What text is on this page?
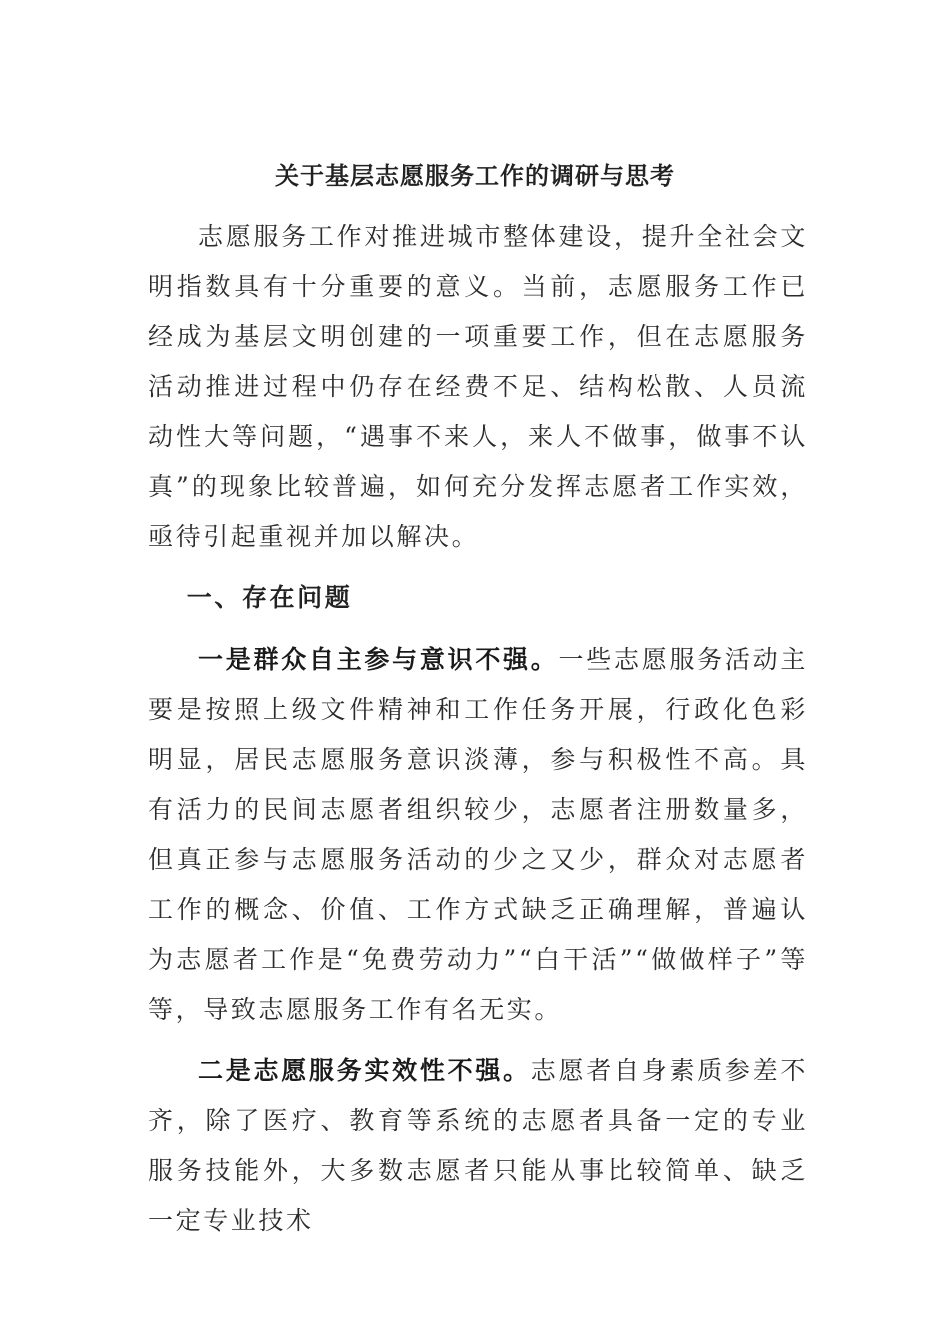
关于基层志愿服务工作的调研与思考

志愿服务工作对推进城市整体建设，提升全社会文明指数具有十分重要的意义。当前，志愿服务工作已经成为基层文明创建的一项重要工作，但在志愿服务活动推进过程中仍存在经费不足、结构松散、人员流动性大等问题，“遇事不来人，来人不做事，做事不认真”的现象比较普遍，如何充分发挥志愿者工作实效，亟待引起重视并加以解决。

一、存在问题

一是群众自主参与意识不强。一些志愿服务活动主要是按照上级文件精神和工作任务开展，行政化色彩明显，居民志愿服务意识淡薄，参与积极性不高。具有活力的民间志愿者组织较少，志愿者注册数量多，但真正参与志愿服务活动的少之又少，群众对志愿者工作的概念、价值、工作方式缺乏正确理解，普遍认为志愿者工作是“免费劳动力”“白干活”“做做样子”等等，导致志愿服务工作有名无实。

二是志愿服务实效性不强。志愿者自身素质参差不齐，除了医疗、教育等系统的志愿者具备一定的专业服务技能外，大多数志愿者只能从事比较简单、缺乏一定专业技术
